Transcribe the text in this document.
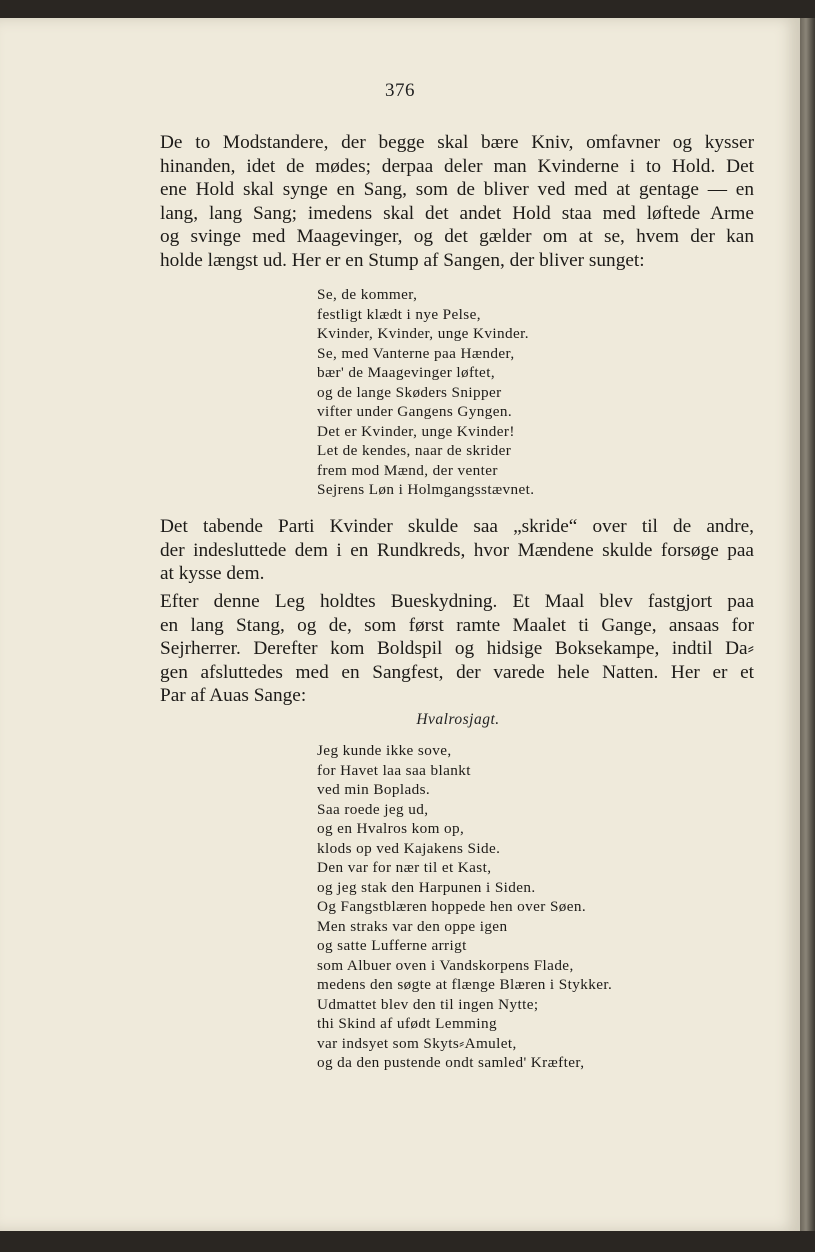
376

De to Modstandere, der begge skal bære Kniv, omfavner og kysser
hinanden, idet de mødes; derpaa deler man Kvinderne i to Hold. Det
ene Hold skal synge en Sang, som de bliver ved med at gentage — en
lang, lang Sang; imedens skal det andet Hold staa med løftede Arme
og svinge med Maagevinger, og det gælder om at se, hvem der kan
holde længst ud. Her er en Stump af Sangen, der bliver sunget:

Se, de kommer,
festligt klædt i nye Pelse,
Kvinder, Kvinder, unge Kvinder.
Se, med Vanterne paa Hænder,
bær' de Maagevinger løftet,
og de lange Skøders Snipper
vifter under Gangens Gyngen.
Det er Kvinder, unge Kvinder!
Let de kendes, naar de skrider
frem mod Mænd, der venter
Sejrens Løn i Holmgangsstævnet.

Det tabende Parti Kvinder skulde saa „skride“ over til de andre,
der indesluttede dem i en Rundkreds, hvor Mændene skulde forsøge paa
at kysse dem.

Efter denne Leg holdtes Bueskydning. Et Maal blev fastgjort paa
en lang Stang, og de, som først ramte Maalet ti Gange, ansaas for
Sejrherrer. Derefter kom Boldspil og hidsige Boksekampe, indtil Da⸗
gen afsluttedes med en Sangfest, der varede hele Natten. Her er et
Par af Auas Sange:

Hvalrosjagt.
Jeg kunde ikke sove,
for Havet laa saa blankt
ved min Boplads.
Saa roede jeg ud,
og en Hvalros kom op,
klods op ved Kajakens Side.
Den var for nær til et Kast,
og jeg stak den Harpunen i Siden.
Og Fangstblæren hoppede hen over Søen.
Men straks var den oppe igen
og satte Lufferne arrigt
som Albuer oven i Vandskorpens Flade,
medens den søgte at flænge Blæren i Stykker.
Udmattet blev den til ingen Nytte;
thi Skind af ufødt Lemming
var indsyet som Skyts⸗Amulet,
og da den pustende ondt samled' Kræfter,
